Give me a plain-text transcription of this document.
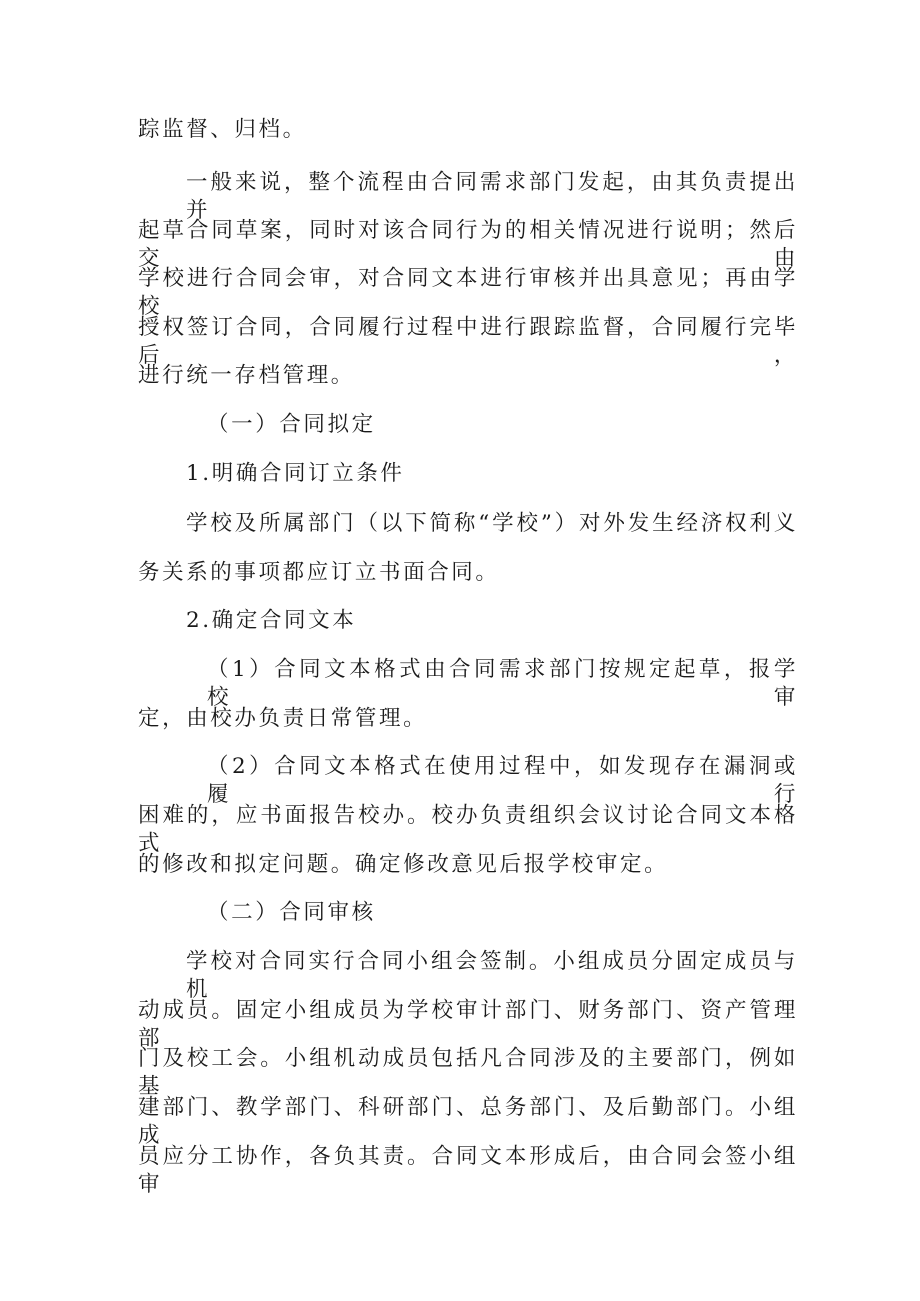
踪监督、归档。
一般来说，整个流程由合同需求部门发起，由其负责提出并
起草合同草案，同时对该合同行为的相关情况进行说明；然后交由
学校进行合同会审，对合同文本进行审核并出具意见；再由学校
授权签订合同，合同履行过程中进行跟踪监督，合同履行完毕后，
进行统一存档管理。
（一）合同拟定
1.明确合同订立条件
学校及所属部门（以下简称“学校”）对外发生经济权利义
务关系的事项都应订立书面合同。
2.确定合同文本
（1）合同文本格式由合同需求部门按规定起草，报学校审
定，由校办负责日常管理。
（2）合同文本格式在使用过程中，如发现存在漏洞或履行
困难的，应书面报告校办。校办负责组织会议讨论合同文本格式
的修改和拟定问题。确定修改意见后报学校审定。
（二）合同审核
学校对合同实行合同小组会签制。小组成员分固定成员与机
动成员。固定小组成员为学校审计部门、财务部门、资产管理部
门及校工会。小组机动成员包括凡合同涉及的主要部门，例如基
建部门、教学部门、科研部门、总务部门、及后勤部门。小组成
员应分工协作，各负其责。合同文本形成后，由合同会签小组审
